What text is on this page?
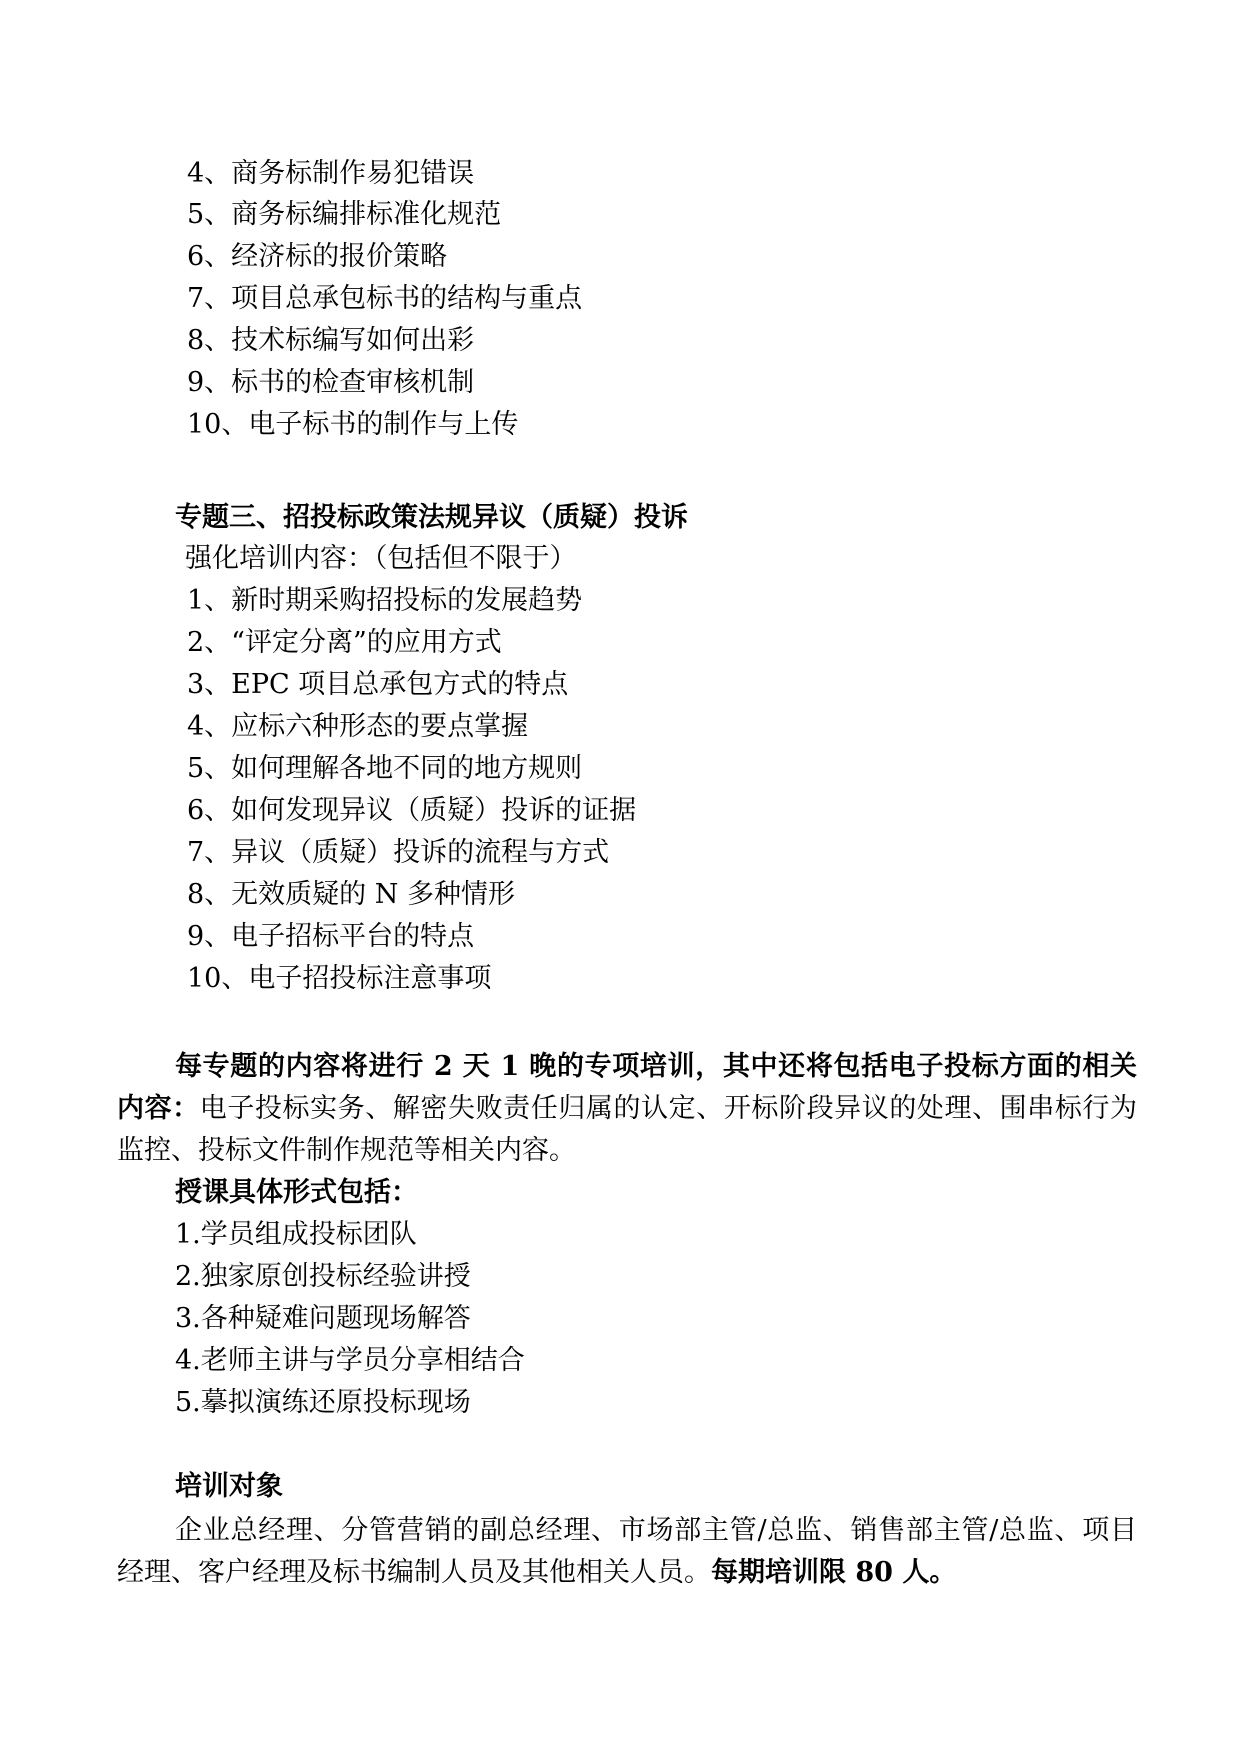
4、商务标制作易犯错误
5、商务标编排标准化规范
6、经济标的报价策略
7、项目总承包标书的结构与重点
8、技术标编写如何出彩
9、标书的检查审核机制
10、电子标书的制作与上传
专题三、招投标政策法规异议（质疑）投诉
强化培训内容：（包括但不限于）
1、新时期采购招投标的发展趋势
2、“评定分离”的应用方式
3、EPC 项目总承包方式的特点
4、应标六种形态的要点掌握
5、如何理解各地不同的地方规则
6、如何发现异议（质疑）投诉的证据
7、异议（质疑）投诉的流程与方式
8、无效质疑的 N 多种情形
9、电子招标平台的特点
10、电子招投标注意事项
每专题的内容将进行 2 天 1 晚的专项培训，其中还将包括电子投标方面的相关内容：电子投标实务、解密失败责任归属的认定、开标阶段异议的处理、围串标行为监控、投标文件制作规范等相关内容。
授课具体形式包括：
1.学员组成投标团队
2.独家原创投标经验讲授
3.各种疑难问题现场解答
4.老师主讲与学员分享相结合
5.摹拟演练还原投标现场
培训对象
企业总经理、分管营销的副总经理、市场部主管/总监、销售部主管/总监、项目经理、客户经理及标书编制人员及其他相关人员。每期培训限 80 人。
